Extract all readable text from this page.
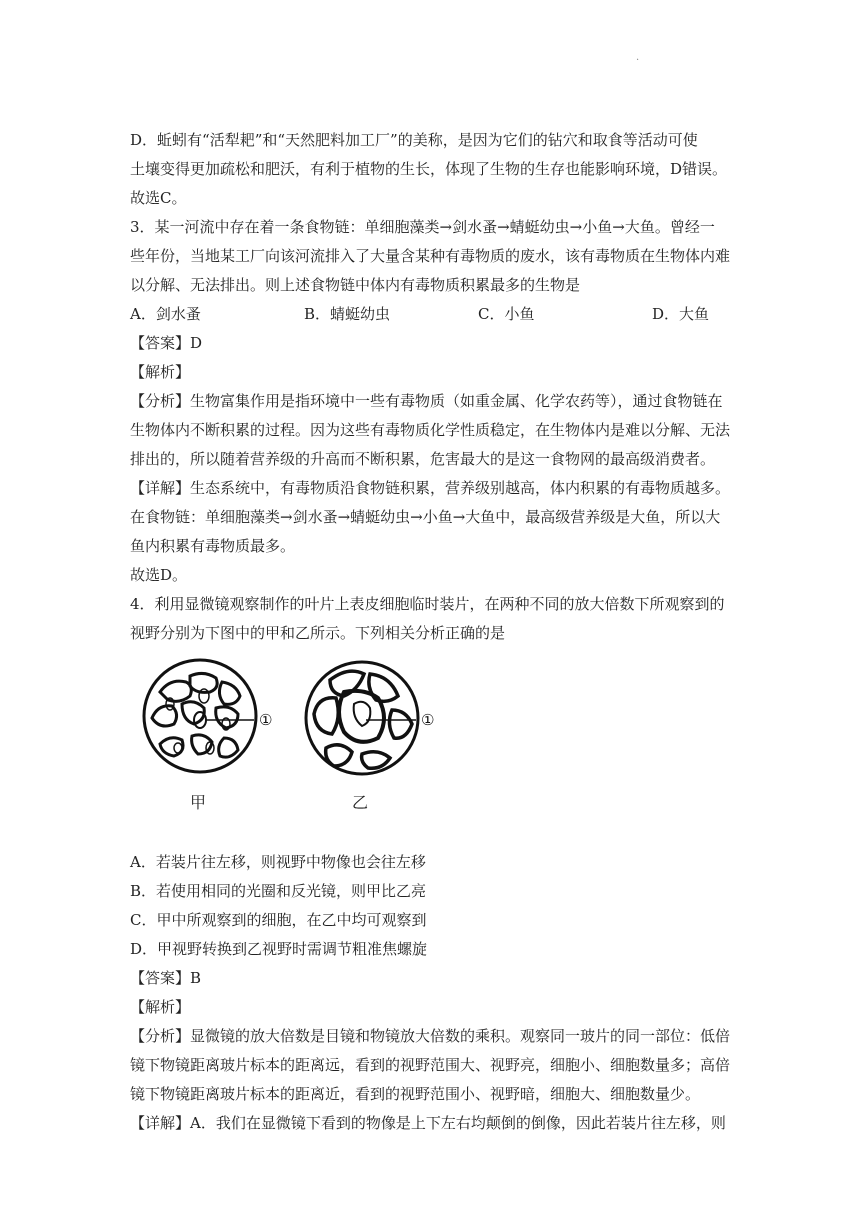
.
D．蚯蚓有“活犁耙”和“天然肥料加工厂”的美称，是因为它们的钻穴和取食等活动可使
土壤变得更加疏松和肥沃，有利于植物的生长，体现了生物的生存也能影响环境，D错误。
故选C。
3．某一河流中存在着一条食物链：单细胞藻类→剑水蚤→蜻蜓幼虫→小鱼→大鱼。曾经一
些年份，当地某工厂向该河流排入了大量含某种有毒物质的废水，该有毒物质在生物体内难
以分解、无法排出。则上述食物链中体内有毒物质积累最多的生物是
A．剑水蚤	B．蜻蜓幼虫	C．小鱼	D．大鱼
【答案】D
【解析】
【分析】生物富集作用是指环境中一些有毒物质（如重金属、化学农药等），通过食物链在
生物体内不断积累的过程。因为这些有毒物质化学性质稳定，在生物体内是难以分解、无法
排出的，所以随着营养级的升高而不断积累，危害最大的是这一食物网的最高级消费者。
【详解】生态系统中，有毒物质沿食物链积累，营养级别越高，体内积累的有毒物质越多。
在食物链：单细胞藻类→剑水蚤→蜻蜓幼虫→小鱼→大鱼中，最高级营养级是大鱼，所以大
鱼内积累有毒物质最多。
故选D。
4．利用显微镜观察制作的叶片上表皮细胞临时装片，在两种不同的放大倍数下所观察到的
视野分别为下图中的甲和乙所示。下列相关分析正确的是
①	①
甲	乙
A．若装片往左移，则视野中物像也会往左移
B．若使用相同的光圈和反光镜，则甲比乙亮
C．甲中所观察到的细胞，在乙中均可观察到
D．甲视野转换到乙视野时需调节粗准焦螺旋
【答案】B
【解析】
【分析】显微镜的放大倍数是目镜和物镜放大倍数的乘积。观察同一玻片的同一部位：低倍
镜下物镜距离玻片标本的距离远，看到的视野范围大、视野亮，细胞小、细胞数量多；高倍
镜下物镜距离玻片标本的距离近，看到的视野范围小、视野暗，细胞大、细胞数量少。
【详解】A．我们在显微镜下看到的物像是上下左右均颠倒的倒像，因此若装片往左移，则
